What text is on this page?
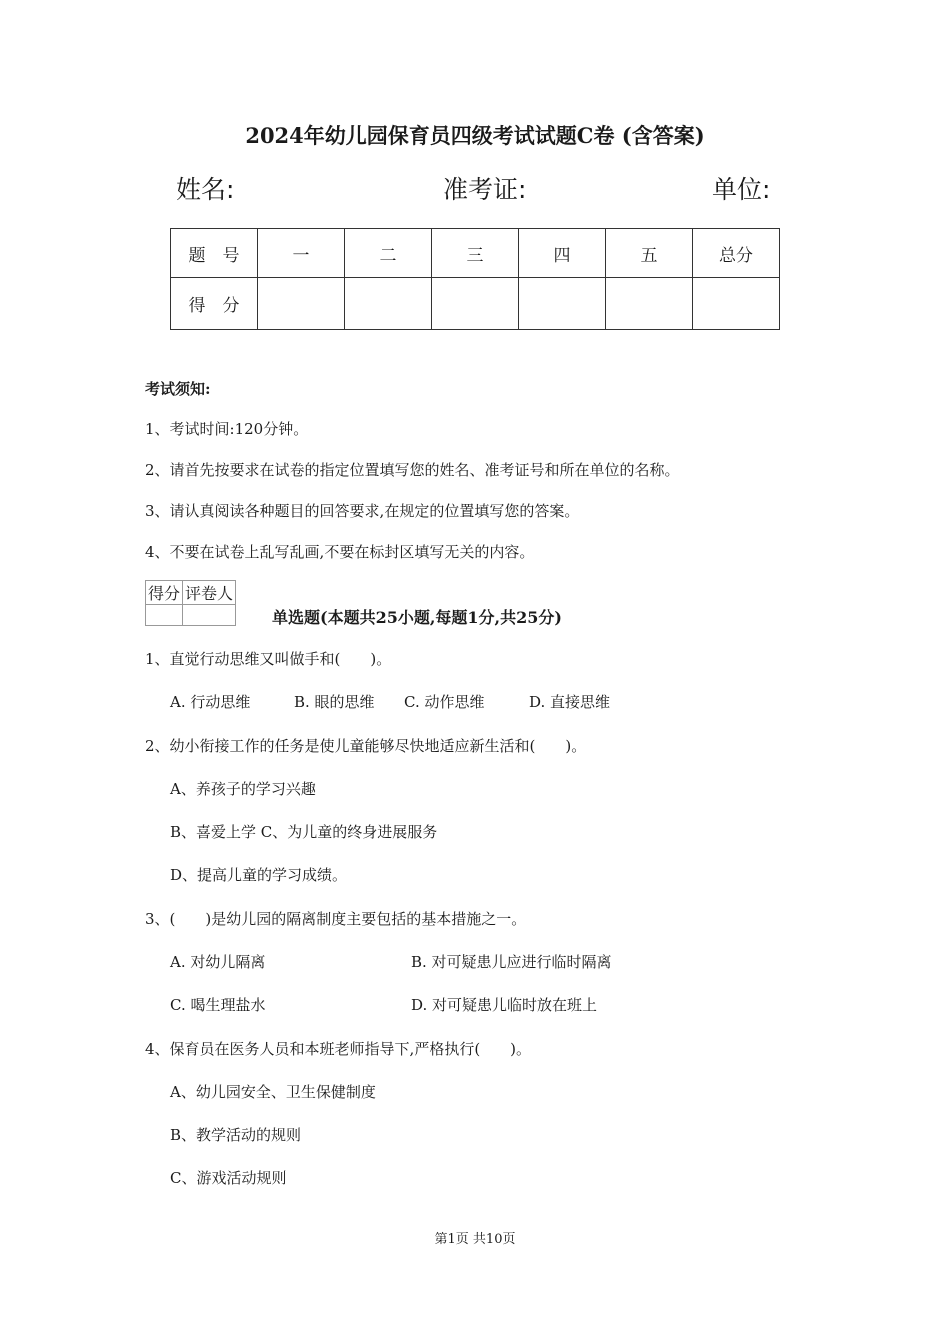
2024年幼儿园保育员四级考试试题C卷 (含答案)
姓名:	准考证:	单位:
题　号	一	二	三	四	五	总分
得　分						
考试须知:
1、考试时间:120分钟。
2、请首先按要求在试卷的指定位置填写您的姓名、准考证号和所在单位的名称。
3、请认真阅读各种题目的回答要求,在规定的位置填写您的答案。
4、不要在试卷上乱写乱画,不要在标封区填写无关的内容。
得分	评卷人

单选题(本题共25小题,每题1分,共25分)
1、直觉行动思维又叫做手和(　　)。
A. 行动思维	B. 眼的思维 C. 动作思维	D. 直接思维
2、幼小衔接工作的任务是使儿童能够尽快地适应新生活和(　　)。
A、养孩子的学习兴趣
B、喜爱上学 C、为儿童的终身进展服务
D、提高儿童的学习成绩。
3、(　　)是幼儿园的隔离制度主要包括的基本措施之一。
A. 对幼儿隔离	B. 对可疑患儿应进行临时隔离
C. 喝生理盐水	D. 对可疑患儿临时放在班上
4、保育员在医务人员和本班老师指导下,严格执行(　　)。
A、幼儿园安全、卫生保健制度
B、教学活动的规则
C、游戏活动规则
第1页 共10页
